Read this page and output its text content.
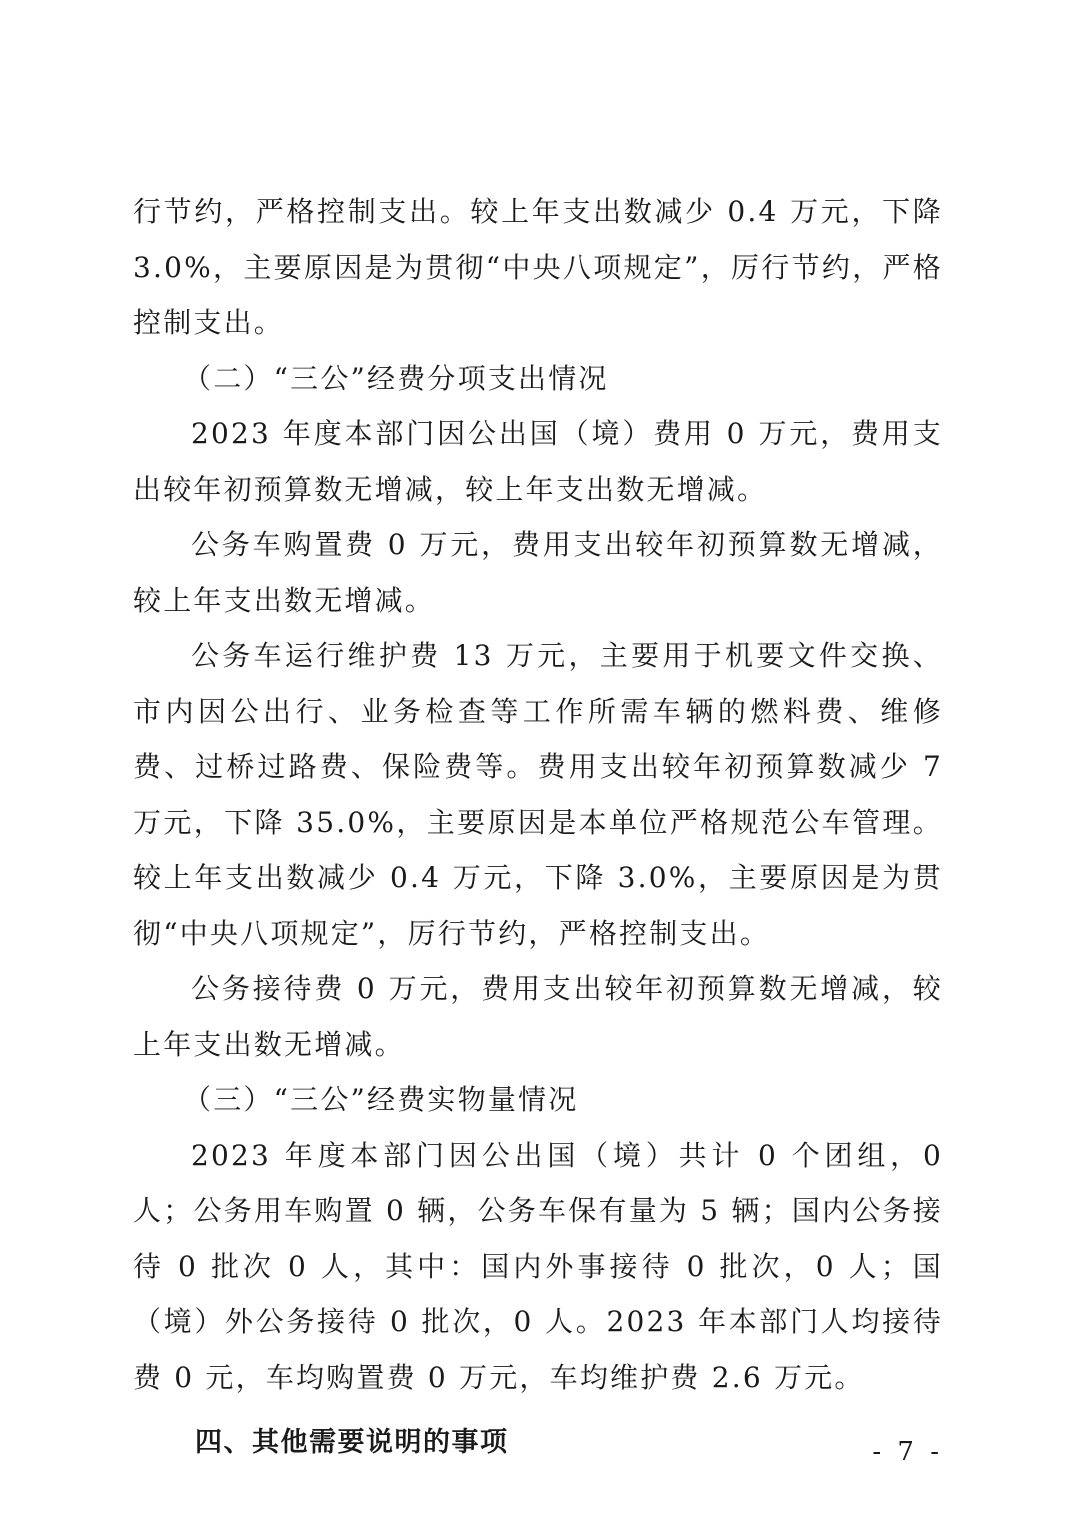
行节约，严格控制支出。较上年支出数减少 0.4 万元，下降 3.0%，主要原因是为贯彻“中央八项规定”，厉行节约，严格控制支出。

（二）“三公”经费分项支出情况

2023 年度本部门因公出国（境）费用 0 万元，费用支出较年初预算数无增减，较上年支出数无增减。

公务车购置费 0 万元，费用支出较年初预算数无增减，较上年支出数无增减。

公务车运行维护费 13 万元，主要用于机要文件交换、市内因公出行、业务检查等工作所需车辆的燃料费、维修费、过桥过路费、保险费等。费用支出较年初预算数减少 7 万元，下降 35.0%，主要原因是本单位严格规范公车管理。较上年支出数减少 0.4 万元，下降 3.0%，主要原因是为贯彻“中央八项规定”，厉行节约，严格控制支出。

公务接待费 0 万元，费用支出较年初预算数无增减，较上年支出数无增减。

（三）“三公”经费实物量情况

2023 年度本部门因公出国（境）共计 0 个团组，0 人；公务用车购置 0 辆，公务车保有量为 5 辆；国内公务接待 0 批次 0 人，其中：国内外事接待 0 批次，0 人；国（境）外公务接待 0 批次，0 人。2023 年本部门人均接待费 0 元，车均购置费 0 万元，车均维护费 2.6 万元。

四、其他需要说明的事项	- 7 -
